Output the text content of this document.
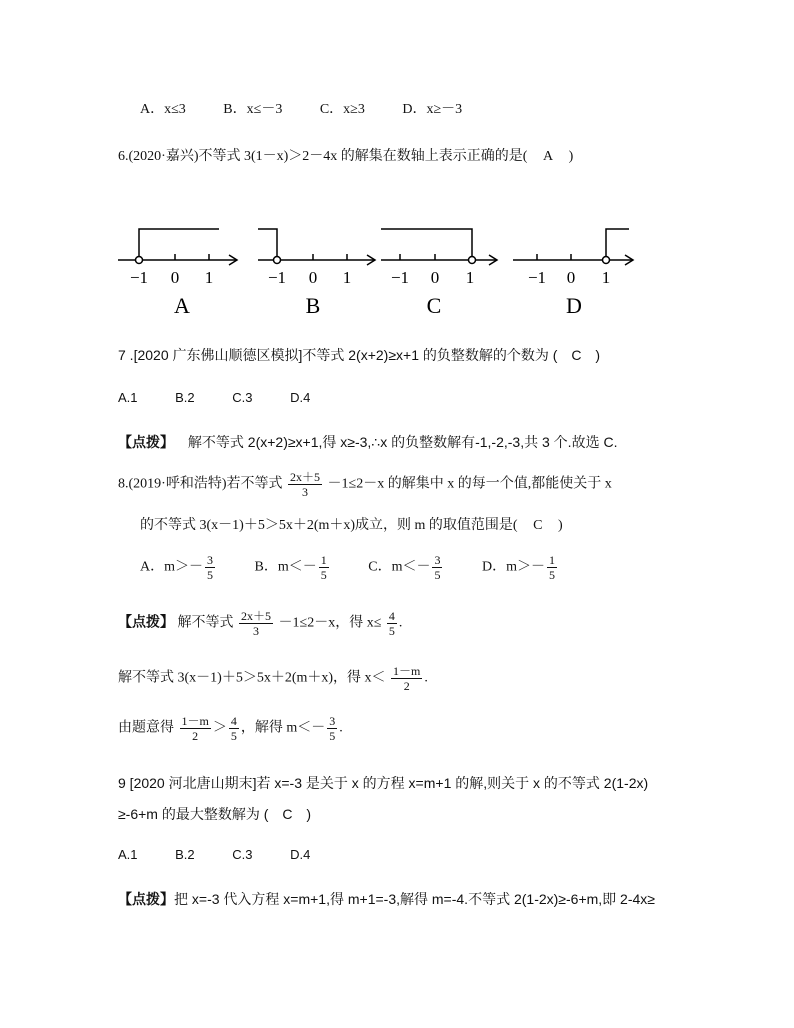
A．x≤3	B．x≤－3	C．x≥3	D．x≥－3
6.(2020·嘉兴)不等式 3(1－x)＞2－4x 的解集在数轴上表示正确的是( A )
−1 0 1	−1 0 1 −1 0 1	−1 0 1
A	B	C	D
7 .[2020 广东佛山顺德区模拟]不等式 2(x+2)≥x+1 的负整数解的个数为 ( C )
A.1	B.2	C.3	D.4
【点拨】 解不等式 2(x+2)≥x+1,得 x≥-3,∴x 的负整数解有-1,-2,-3,共 3 个.故选 C.
8.(2019·呼和浩特)若不等式 $\frac{2x+5}{3} -1\le 2-x$ 的解集中 x 的每一个值,都能使关于 x
的不等式 3(x－1)＋5＞5x＋2(m＋x)成立，则 m 的取值范围是( C )
A．$m>- \frac{3}{5}$	B．$m<- \frac{1}{5}$	C．$m<- \frac{3}{5}$	D．$m>- \frac{1}{5}$
【点拨】 解不等式 $\frac{2x+5}{3} -1\le 2-x$，得 $x\le \frac{4}{5}$ .
解不等式 3(x－1)＋5＞5x＋2(m＋x)，得 $x< \frac{1-m}{2}$ .
由题意得 $\frac{1-m}{2} > \frac{4}{5}$ ，解得 $m<- \frac{3}{5}$ .
9 [2020 河北唐山期末]若 x=-3 是关于 x 的方程 x=m+1 的解,则关于 x 的不等式 2(1-2x)
≥-6+m 的最大整数解为 ( C )
A.1	B.2	C.3	D.4
【点拨】把 x=-3 代入方程 x=m+1,得 m+1=-3,解得 m=-4.不等式 2(1-2x)≥-6+m,即 2-4x≥
